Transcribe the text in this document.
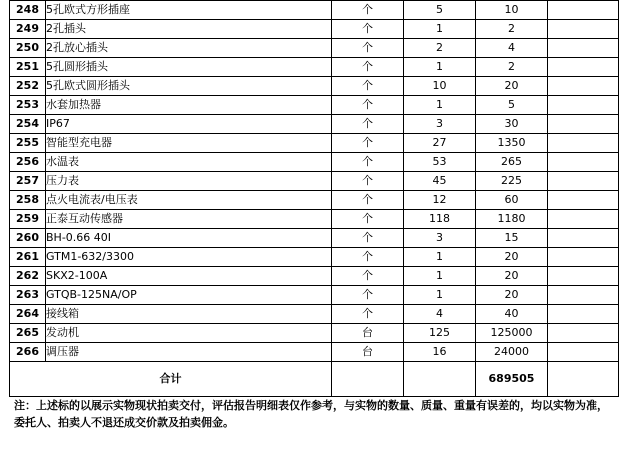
248	5孔欧式方形插座	个	5	10	
249	2孔插头	个	1	2	
250	2孔放心插头	个	2	4	
251	5孔圆形插头	个	1	2	
252	5孔欧式圆形插头	个	10	20	
253	水套加热器	个	1	5	
254	IP67	个	3	30	
255	智能型充电器	个	27	1350	
256	水温表	个	53	265	
257	压力表	个	45	225	
258	点火电流表/电压表	个	12	60	
259	正泰互动传感器	个	118	1180	
260	BH-0.66 40I	个	3	15	
261	GTM1-632/3300	个	1	20	
262	SKX2-100A	个	1	20	
263	GTQB-125NA/OP	个	1	20	
264	接线箱	个	4	40	
265	发动机	台	125	125000	
266	调压器	台	16	24000	
合计				689505	
注：上述标的以展示实物现状拍卖交付，评估报告明细表仅作参考，与实物的数量、质量、重量有误差的，均以实物为准，委托人、拍卖人不退还成交价款及拍卖佣金。
